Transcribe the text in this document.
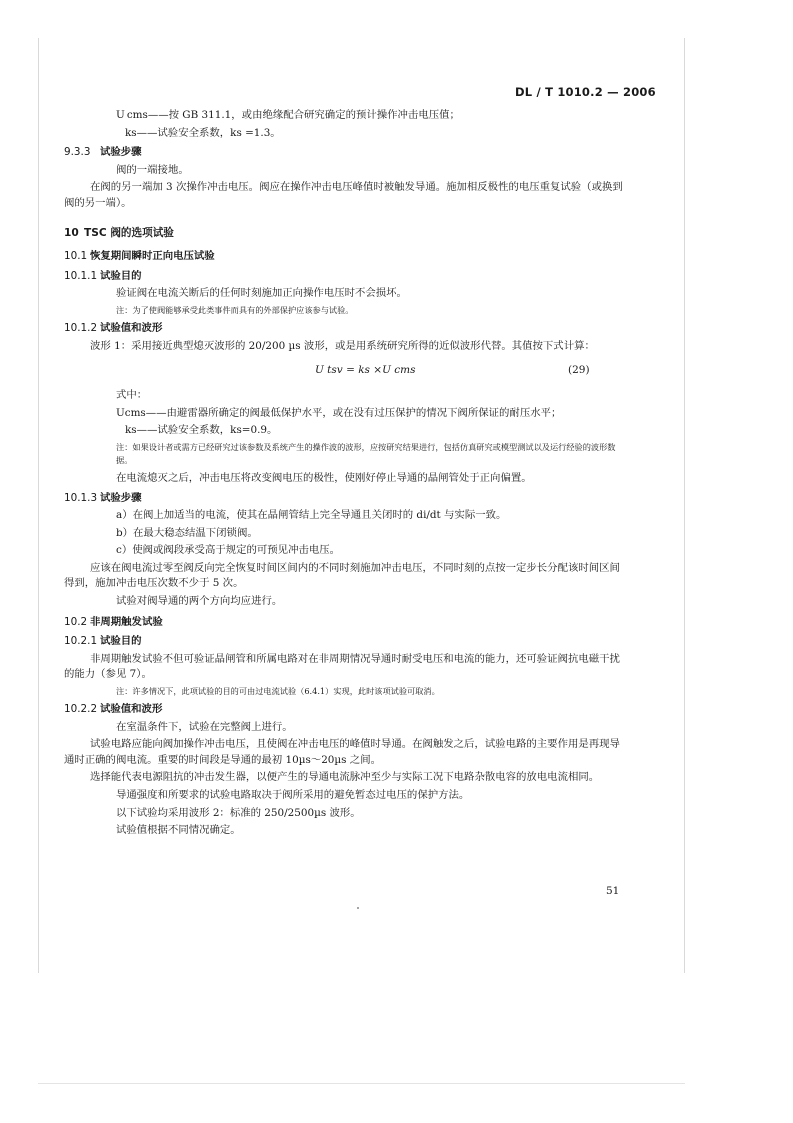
DL / T 1010.2 — 2006

U cms——按 GB 311.1，或由绝缘配合研究确定的预计操作冲击电压值；

ks——试验安全系数，ks =1.3。

9.3.3 试验步骤

阀的一端接地。

在阀的另一端加 3 次操作冲击电压。阀应在操作冲击电压峰值时被触发导通。施加相反极性的电压重复试验（或换到阀的另一端）。

10 TSC 阀的选项试验
10.1 恢复期间瞬时正向电压试验
10.1.1 试验目的

验证阀在电流关断后的任何时刻施加正向操作电压时不会损坏。

注：为了使阀能够承受此类事件而具有的外部保护应该参与试验。

10.1.2 试验值和波形

波形 1：采用接近典型熄灭波形的 20/200 µs 波形，或是用系统研究所得的近似波形代替。其值按下式计算：

U tsv = ks ×U cms	(29)

式中：

Ucms——由避雷器所确定的阀最低保护水平，或在没有过压保护的情况下阀所保证的耐压水平；

ks——试验安全系数，ks=0.9。

注：如果设计者或需方已经研究过该参数及系统产生的操作波的波形，应按研究结果进行，包括仿真研究或模型测试以及运行经验的波形数据。

在电流熄灭之后，冲击电压将改变阀电压的极性，使刚好停止导通的晶闸管处于正向偏置。

10.1.3 试验步骤

a）在阀上加适当的电流，使其在晶闸管结上完全导通且关闭时的 di/dt 与实际一致。

b）在最大稳态结温下闭锁阀。

c）使阀或阀段承受高于规定的可预见冲击电压。

应该在阀电流过零至阀反向完全恢复时间区间内的不同时刻施加冲击电压，不同时刻的点按一定步长分配该时间区间得到，施加冲击电压次数不少于 5 次。

试验对阀导通的两个方向均应进行。

10.2 非周期触发试验
10.2.1 试验目的

非周期触发试验不但可验证晶闸管和所属电路对在非周期情况导通时耐受电压和电流的能力，还可验证阀抗电磁干扰的能力（参见 7）。

注：许多情况下，此项试验的目的可由过电流试验（6.4.1）实现，此时该项试验可取消。

10.2.2 试验值和波形

在室温条件下，试验在完整阀上进行。

试验电路应能向阀加操作冲击电压，且使阀在冲击电压的峰值时导通。在阀触发之后，试验电路的主要作用是再现导通时正确的阀电流。重要的时间段是导通的最初 10µs～20µs 之间。

选择能代表电源阻抗的冲击发生器，以便产生的导通电流脉冲至少与实际工况下电路杂散电容的放电电流相同。

导通强度和所要求的试验电路取决于阀所采用的避免暂态过电压的保护方法。

以下试验均采用波形 2：标准的 250/2500µs 波形。

试验值根据不同情况确定。

51
